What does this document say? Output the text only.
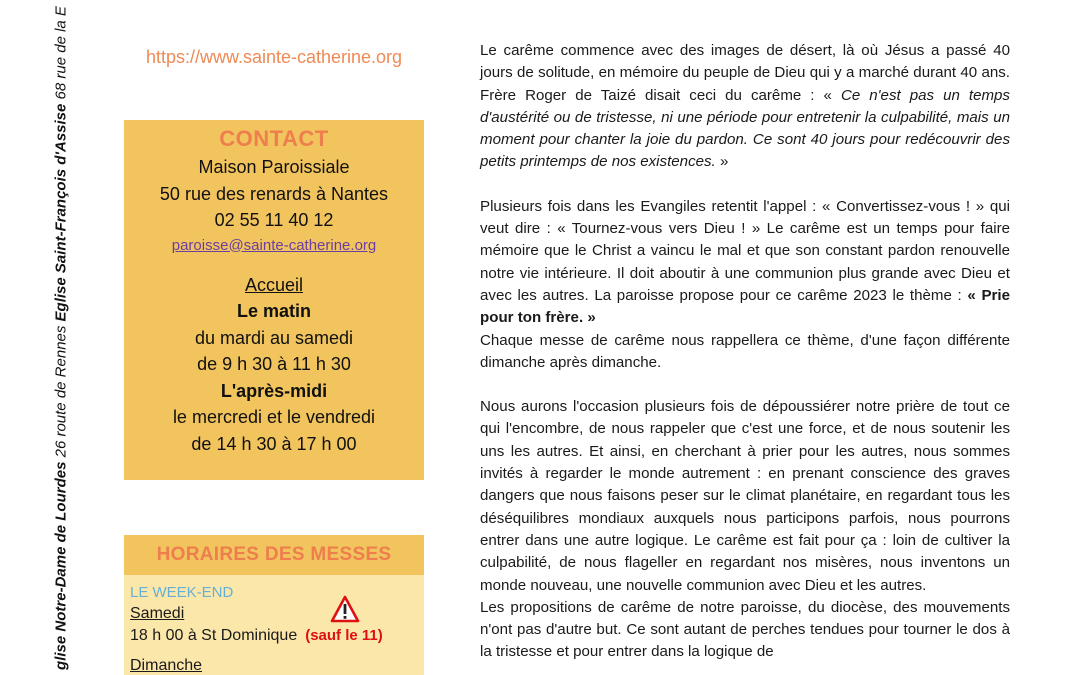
glise Notre-Dame de Lourdes 26 route de Rennes Eglise Saint-François d'Assise 68 rue de la E	https://www.sainte-catherine.org
CONTACT
Maison Paroissiale
50 rue des renards à Nantes
02 55 11 40 12
paroisse@sainte-catherine.org
Accueil
Le matin
du mardi au samedi
de 9 h 30 à 11 h 30
L'après-midi
le mercredi et le vendredi
de 14 h 30 à 17 h 00
HORAIRES DES MESSES
LE WEEK-END
Samedi
18 h 00 à St Dominique (sauf le 11)
Dimanche

Le carême commence avec des images de désert, là où Jésus a passé 40 jours de solitude, en mémoire du peuple de Dieu qui y a marché durant 40 ans. Frère Roger de Taizé disait ceci du carême : « Ce n'est pas un temps d'austérité ou de tristesse, ni une période pour entretenir la culpabilité, mais un moment pour chanter la joie du pardon. Ce sont 40 jours pour redécouvrir des petits printemps de nos existences. »

Plusieurs fois dans les Evangiles retentit l'appel : « Convertissez-vous ! » qui veut dire : « Tournez-vous vers Dieu ! » Le carême est un temps pour faire mémoire que le Christ a vaincu le mal et que son constant pardon renouvelle notre vie intérieure. Il doit aboutir à une communion plus grande avec Dieu et avec les autres. La paroisse propose pour ce carême 2023 le thème : « Prie pour ton frère. »

Chaque messe de carême nous rappellera ce thème, d'une façon différente dimanche après dimanche.

Nous aurons l'occasion plusieurs fois de dépoussiérer notre prière de tout ce qui l'encombre, de nous rappeler que c'est une force, et de nous soutenir les uns les autres. Et ainsi, en cherchant à prier pour les autres, nous sommes invités à regarder le monde autrement : en prenant conscience des graves dangers que nous faisons peser sur le climat planétaire, en regardant tous les déséquilibres mondiaux auxquels nous participons parfois, nous pourrons entrer dans une autre logique. Le carême est fait pour ça : loin de cultiver la culpabilité, de nous flageller en regardant nos misères, nous inventons un monde nouveau, une nouvelle communion avec Dieu et les autres.

Les propositions de carême de notre paroisse, du diocèse, des mouvements n'ont pas d'autre but. Ce sont autant de perches tendues pour tourner le dos à la tristesse et pour entrer dans la logique de
